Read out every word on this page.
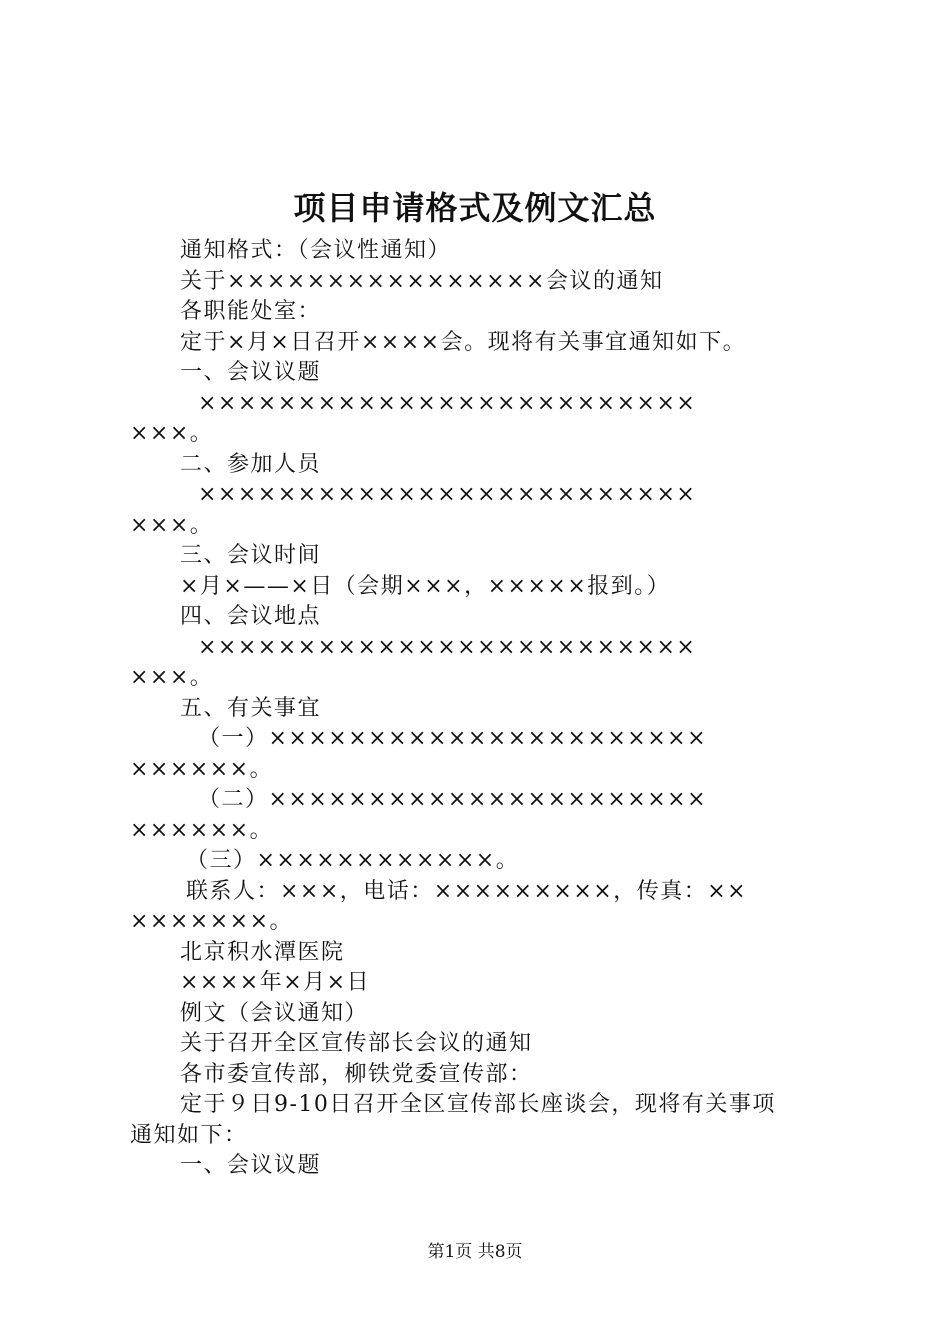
项目申请格式及例文汇总
通知格式：（会议性通知）
关于××××××××××××××××会议的通知
各职能处室：
定于×月×日召开××××会。现将有关事宜通知如下。
一、会议议题
×××××××××××××××××××××××××
×××。
二、参加人员
×××××××××××××××××××××××××
×××。
三、会议时间
×月×——×日（会期×××，×××××报到。）
四、会议地点
×××××××××××××××××××××××××
×××。
五、有关事宜
（一）××××××××××××××××××××××
××××××。
（二）××××××××××××××××××××××
××××××。
（三）××××××××××××。
联系人：×××，电话：×××××××××，传真：××
×××××××。
北京积水潭医院
××××年×月×日
例文（会议通知）
关于召开全区宣传部长会议的通知
各市委宣传部，柳铁党委宣传部：
定于９日9-10日召开全区宣传部长座谈会，现将有关事项
通知如下：
一、会议议题
第1页 共8页
